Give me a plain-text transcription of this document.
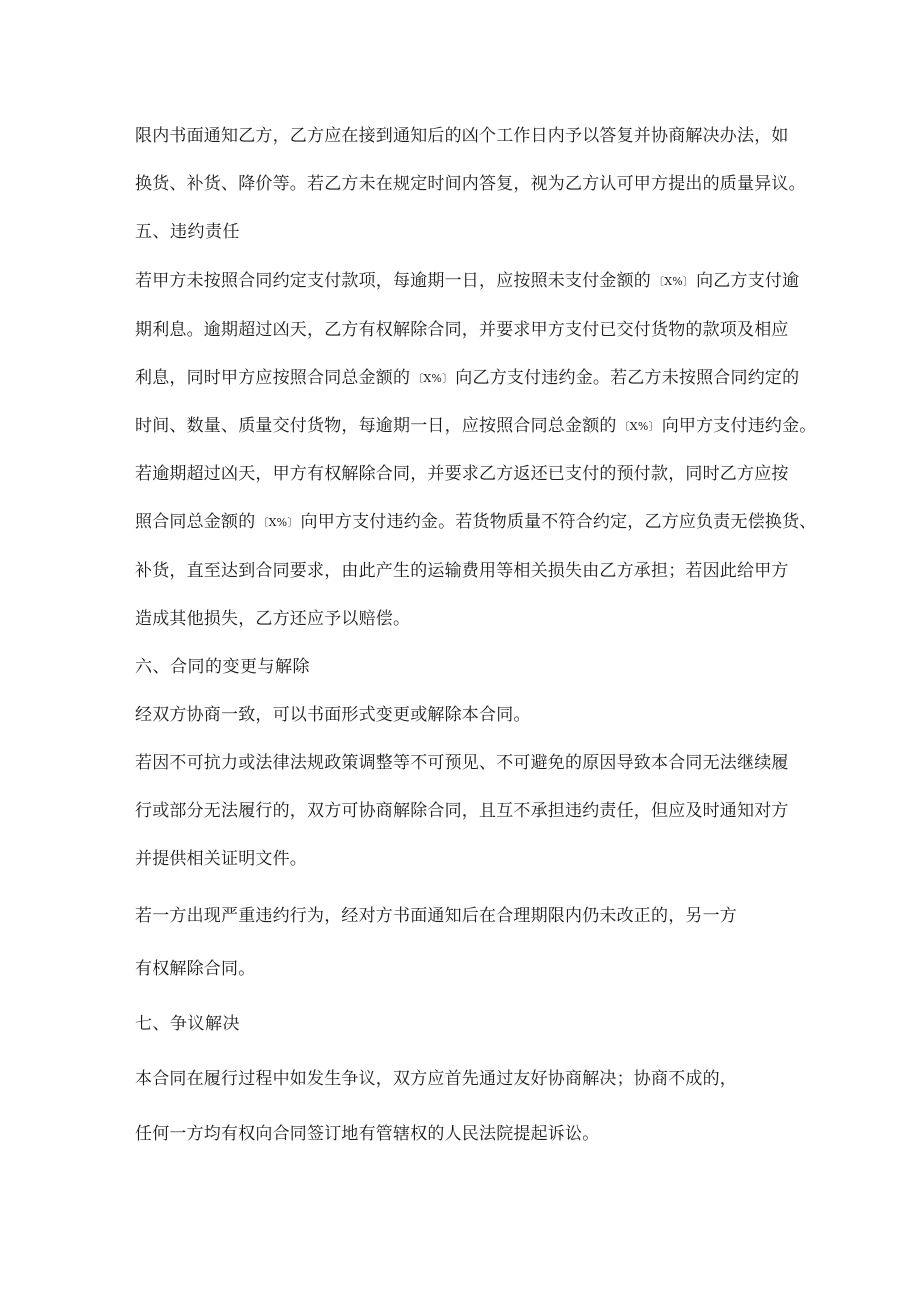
限内书面通知乙方，乙方应在接到通知后的凶个工作日内予以答复并协商解决办法，如
换货、补货、降价等。若乙方未在规定时间内答复，视为乙方认可甲方提出的质量异议。
五、违约责任
若甲方未按照合同约定支付款项，每逾期一日，应按照未支付金额的 〔X%〕 向乙方支付逾
期利息。逾期超过凶天，乙方有权解除合同，并要求甲方支付已交付货物的款项及相应
利息，同时甲方应按照合同总金额的 〔X%〕 向乙方支付违约金。若乙方未按照合同约定的
时间、数量、质量交付货物，每逾期一日，应按照合同总金额的 〔X%〕 向甲方支付违约金。
若逾期超过凶天，甲方有权解除合同，并要求乙方返还已支付的预付款，同时乙方应按
照合同总金额的 〔X%〕 向甲方支付违约金。若货物质量不符合约定，乙方应负责无偿换货、
补货，直至达到合同要求，由此产生的运输费用等相关损失由乙方承担；若因此给甲方
造成其他损失，乙方还应予以赔偿。
六、合同的变更与解除
经双方协商一致，可以书面形式变更或解除本合同。
若因不可抗力或法律法规政策调整等不可预见、不可避免的原因导致本合同无法继续履
行或部分无法履行的，双方可协商解除合同，且互不承担违约责任，但应及时通知对方
并提供相关证明文件。
若一方出现严重违约行为，经对方书面通知后在合理期限内仍未改正的，另一方
有权解除合同。
七、争议解决
本合同在履行过程中如发生争议，双方应首先通过友好协商解决；协商不成的，
任何一方均有权向合同签订地有管辖权的人民法院提起诉讼。
